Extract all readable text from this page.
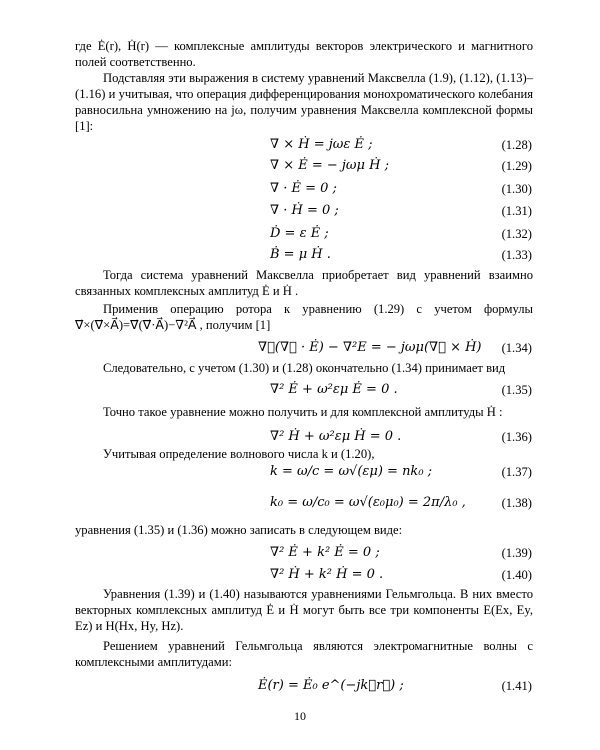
где Ė(r), Ḣ(r) — комплексные амплитуды векторов электрического и магнитного полей соответственно.

Подставляя эти выражения в систему уравнений Максвелла (1.9), (1.12), (1.13)–(1.16) и учитывая, что операция дифференцирования монохроматического колебания равносильна умножению на jω, получим уравнения Максвелла комплексной формы [1]:

∇ × Ḣ = jωε Ė ;	(1.28)
∇ × Ė = − jωμ Ḣ ;	(1.29)
∇ · Ė = 0 ;	(1.30)
∇ · Ḣ = 0 ;	(1.31)
Ḋ = ε Ė ;	(1.32)
Ḃ = μ Ḣ .	(1.33)

Тогда система уравнений Максвелла приобретает вид уравнений взаимно связанных комплексных амплитуд Ė и Ḣ .

Применив операцию ротора к уравнению (1.29) с учетом формулы ∇⃗×(∇⃗×A⃗)=∇⃗(∇⃗·A⃗)−∇²A⃗ , получим [1]

∇⃗(∇⃗ · Ė) − ∇²E = − jωμ(∇⃗ × Ḣ) (1.34)

Следовательно, с учетом (1.30) и (1.28) окончательно (1.34) принимает вид

∇² Ė + ω²εμ Ė = 0 .	(1.35)

Точно такое уравнение можно получить и для комплексной амплитуды Ḣ :

∇² Ḣ + ω²εμ Ḣ = 0 .	(1.36)

Учитывая определение волнового числа k и (1.20),

k = ω/c = ω√(εμ) = nk₀ ;	(1.37)
k₀ = ω/c₀ = ω√(ε₀μ₀) = 2π/λ₀ ,	(1.38)

уравнения (1.35) и (1.36) можно записать в следующем виде:

∇² Ė + k² Ė = 0 ;	(1.39)
∇² Ḣ + k² Ḣ = 0 .	(1.40)

Уравнения (1.39) и (1.40) называются уравнениями Гельмгольца. В них вместо векторных комплексных амплитуд Ė и Ḣ могут быть все три компоненты E(Ex, Ey, Ez) и H(Hx, Hy, Hz).

Решением уравнений Гельмгольца являются электромагнитные волны с комплексными амплитудами:

Ė(r) = Ė₀ e^(−jk⃗r⃗) ;	(1.41)
10
